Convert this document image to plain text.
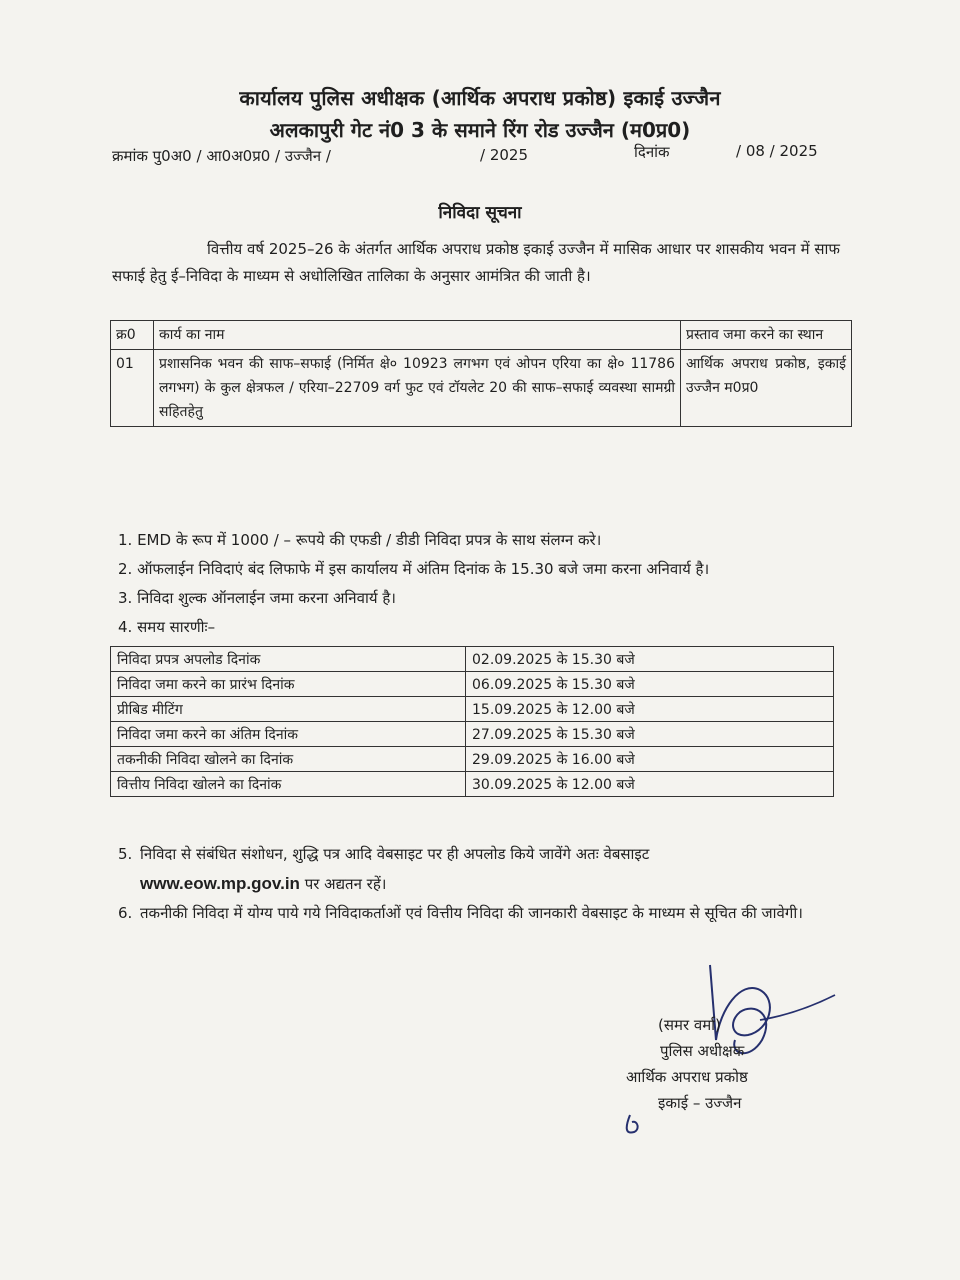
कार्यालय पुलिस अधीक्षक (आर्थिक अपराध प्रकोष्ठ) इकाई उज्जैन
अलकापुरी गेट नं0 3 के समाने रिंग रोड उज्जैन (म0प्र0)
क्रमांक पु0अ0 / आ0अ0प्र0 / उज्जैन /	/ 2025	दिनांक	/ 08 / 2025
निविदा सूचना
वित्तीय वर्ष 2025–26 के अंतर्गत आर्थिक अपराध प्रकोष्ठ इकाई उज्जैन में मासिक आधार पर शासकीय भवन में साफ सफाई हेतु ई–निविदा के माध्यम से अधोलिखित तालिका के अनुसार आमंत्रित की जाती है।
क्र0	कार्य का नाम	प्रस्ताव जमा करने का स्थान
01	प्रशासनिक भवन की साफ–सफाई (निर्मित क्षे० 10923 लगभग एवं ओपन एरिया का क्षे० 11786 लगभग) के कुल क्षेत्रफल / एरिया–22709 वर्ग फुट एवं टॉयलेट 20 की साफ–सफाई व्यवस्था सामग्री सहितहेतु	आर्थिक अपराध प्रकोष्ठ, इकाई उज्जैन म0प्र0
1. EMD के रूप में 1000 / – रूपये की एफडी / डीडी निविदा प्रपत्र के साथ संलग्न करे।
2. ऑफलाईन निविदाएं बंद लिफाफे में इस कार्यालय में अंतिम दिनांक के 15.30 बजे जमा करना अनिवार्य है।
3. निविदा शुल्क ऑनलाईन जमा करना अनिवार्य है।
4. समय सारणीः–
निविदा प्रपत्र अपलोड दिनांक	02.09.2025 के 15.30 बजे
निविदा जमा करने का प्रारंभ दिनांक	06.09.2025 के 15.30 बजे
प्रीबिड मीटिंग	15.09.2025 के 12.00 बजे
निविदा जमा करने का अंतिम दिनांक	27.09.2025 के 15.30 बजे
तकनीकी निविदा खोलने का दिनांक	29.09.2025 के 16.00 बजे
वित्तीय निविदा खोलने का दिनांक	30.09.2025 के 12.00 बजे
5. निविदा से संबंधित संशोधन, शुद्धि पत्र आदि वेबसाइट पर ही अपलोड किये जावेंगे अतः वेबसाइट
www.eow.mp.gov.in पर अद्यतन रहें।
6. तकनीकी निविदा में योग्य पाये गये निविदाकर्ताओं एवं वित्तीय निविदा की जानकारी वेबसाइट के माध्यम से सूचित की जावेगी।
(समर वर्मा)
पुलिस अधीक्षक
आर्थिक अपराध प्रकोष्ठ
इकाई – उज्जैन
